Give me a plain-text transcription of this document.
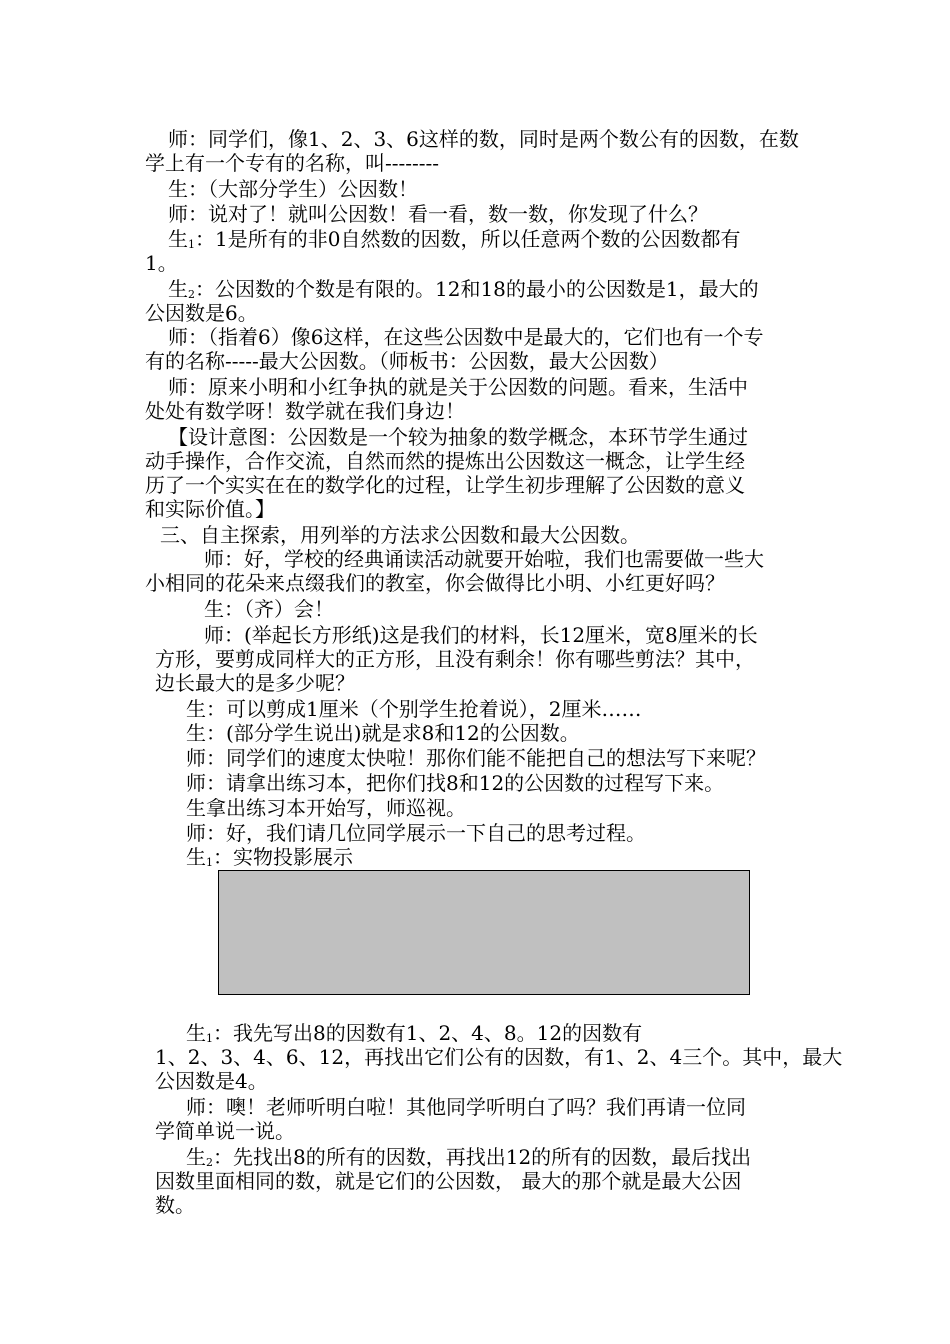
师：同学们，像1、2、3、6这样的数，同时是两个数公有的因数，在数
学上有一个专有的名称，叫--------
生：（大部分学生）公因数！
师：说对了！就叫公因数！看一看，数一数，你发现了什么？
生1：1是所有的非0自然数的因数，所以任意两个数的公因数都有
1。
生2：公因数的个数是有限的。12和18的最小的公因数是1，最大的
公因数是6。
师：（指着6）像6这样，在这些公因数中是最大的，它们也有一个专
有的名称-----最大公因数。（师板书：公因数，最大公因数）
师：原来小明和小红争执的就是关于公因数的问题。看来，生活中
处处有数学呀！数学就在我们身边！
【设计意图：公因数是一个较为抽象的数学概念，本环节学生通过
动手操作，合作交流，自然而然的提炼出公因数这一概念，让学生经
历了一个实实在在的数学化的过程，让学生初步理解了公因数的意义
和实际价值。】
三、自主探索，用列举的方法求公因数和最大公因数。
师：好，学校的经典诵读活动就要开始啦，我们也需要做一些大
小相同的花朵来点缀我们的教室，你会做得比小明、小红更好吗？
生：（齐）会！
师：(举起长方形纸)这是我们的材料，长12厘米，宽8厘米的长
方形，要剪成同样大的正方形，且没有剩余！你有哪些剪法？其中，
边长最大的是多少呢？
生：可以剪成1厘米（个别学生抢着说），2厘米……
生：(部分学生说出)就是求8和12的公因数。
师：同学们的速度太快啦！那你们能不能把自己的想法写下来呢？
师：请拿出练习本，把你们找8和12的公因数的过程写下来。
生拿出练习本开始写，师巡视。
师：好，我们请几位同学展示一下自己的思考过程。
生1：实物投影展示
生1：我先写出8的因数有1、2、4、8。12的因数有
1、2、3、4、6、12，再找出它们公有的因数，有1、2、4三个。其中，最大
公因数是4。
师：噢！老师听明白啦！其他同学听明白了吗？我们再请一位同
学简单说一说。
生2：先找出8的所有的因数，再找出12的所有的因数，最后找出
因数里面相同的数，就是它们的公因数， 最大的那个就是最大公因
数。
